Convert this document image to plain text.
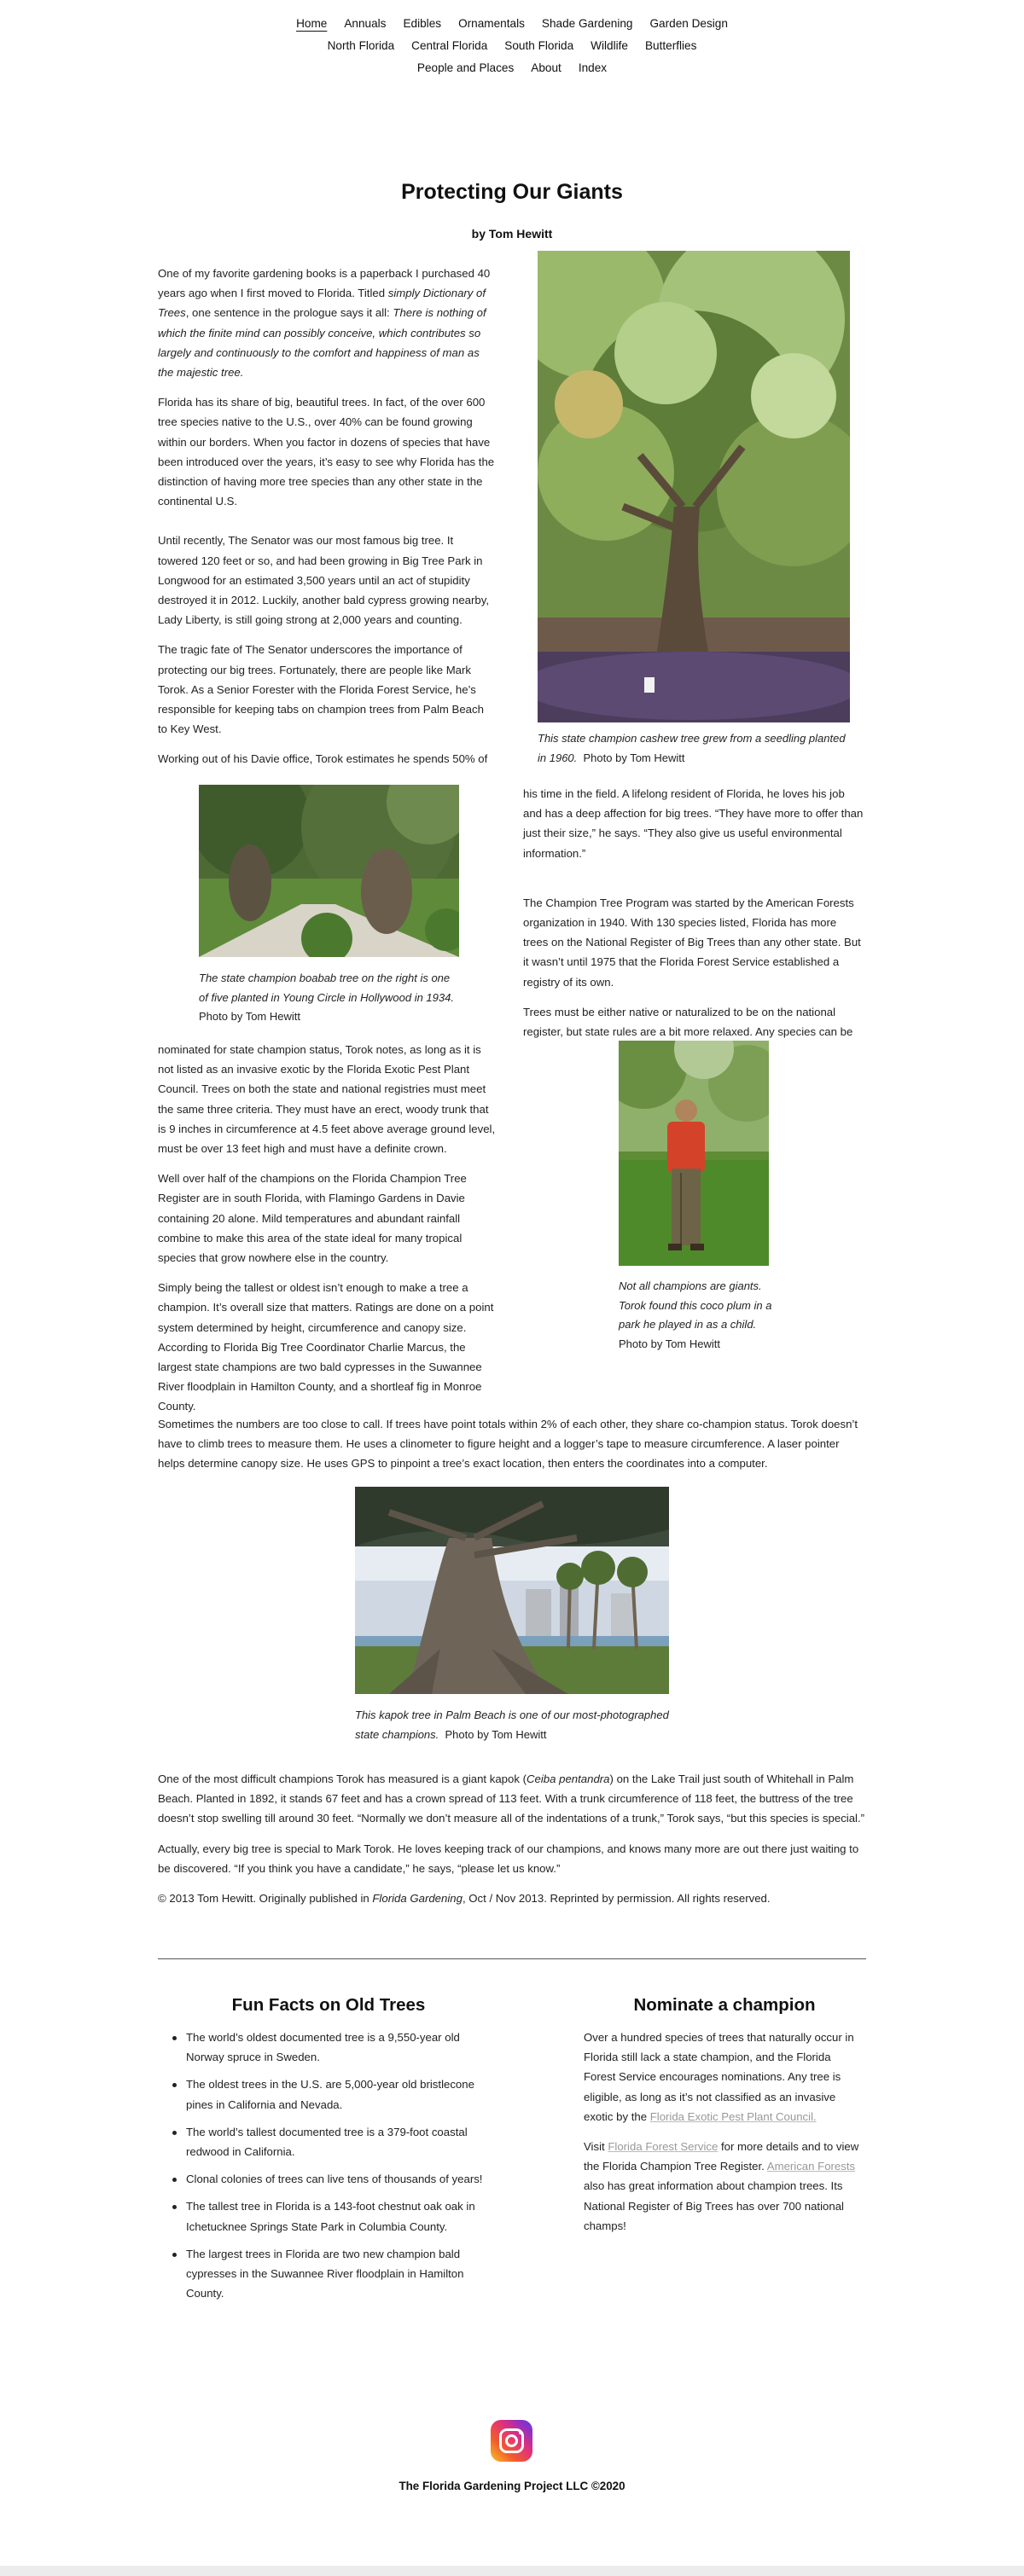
Home	Annuals	Edibles	Ornamentals	Shade Gardening	Garden Design
North Florida	Central Florida	South Florida	Wildlife	Butterflies
People and Places	About	Index
Protecting Our Giants
by Tom Hewitt

One of my favorite gardening books is a paperback I purchased 40 years ago when I first moved to Florida. Titled simply Dictionary of Trees, one sentence in the prologue says it all: There is nothing of which the finite mind can possibly conceive, which contributes so largely and continuously to the comfort and happiness of man as the majestic tree.

Florida has its share of big, beautiful trees. In fact, of the over 600 tree species native to the U.S., over 40% can be found growing within our borders. When you factor in dozens of species that have been introduced over the years, it’s easy to see why Florida has the distinction of having more tree species than any other state in the continental U.S.

Until recently, The Senator was our most famous big tree. It towered 120 feet or so, and had been growing in Big Tree Park in Longwood for an estimated 3,500 years until an act of stupidity destroyed it in 2012. Luckily, another bald cypress growing nearby, Lady Liberty, is still going strong at 2,000 years and counting.

The tragic fate of The Senator underscores the importance of protecting our big trees. Fortunately, there are people like Mark Torok. As a Senior Forester with the Florida Forest Service, he’s responsible for keeping tabs on champion trees from Palm Beach to Key West.

Working out of his Davie office, Torok estimates he spends 50% of

This state champion cashew tree grew from a seedling planted in 1960. Photo by Tom Hewitt
The state champion boabab tree on the right is one of five planted in Young Circle in Hollywood in 1934.
Photo by Tom Hewitt

his time in the field. A lifelong resident of Florida, he loves his job and has a deep affection for big trees. “They have more to offer than just their size,” he says. “They also give us useful environmental information.”

The Champion Tree Program was started by the American Forests organization in 1940. With 130 species listed, Florida has more trees on the National Register of Big Trees than any other state. But it wasn’t until 1975 that the Florida Forest Service established a registry of its own.

Trees must be either native or naturalized to be on the national register, but state rules are a bit more relaxed. Any species can be

Not all champions are giants. Torok found this coco plum in a park he played in as a child.
Photo by Tom Hewitt

nominated for state champion status, Torok notes, as long as it is not listed as an invasive exotic by the Florida Exotic Pest Plant Council. Trees on both the state and national registries must meet the same three criteria. They must have an erect, woody trunk that is 9 inches in circumference at 4.5 feet above average ground level, must be over 13 feet high and must have a definite crown.

Well over half of the champions on the Florida Champion Tree Register are in south Florida, with Flamingo Gardens in Davie containing 20 alone. Mild temperatures and abundant rainfall combine to make this area of the state ideal for many tropical species that grow nowhere else in the country.

Simply being the tallest or oldest isn’t enough to make a tree a champion. It’s overall size that matters. Ratings are done on a point system determined by height, circumference and canopy size. According to Florida Big Tree Coordinator Charlie Marcus, the largest state champions are two bald cypresses in the Suwannee River floodplain in Hamilton County, and a shortleaf fig in Monroe County.

Sometimes the numbers are too close to call. If trees have point totals within 2% of each other, they share co-champion status. Torok doesn’t have to climb trees to measure them. He uses a clinometer to figure height and a logger’s tape to measure circumference. A laser pointer helps determine canopy size. He uses GPS to pinpoint a tree’s exact location, then enters the coordinates into a computer.

This kapok tree in Palm Beach is one of our most-photographed state champions. Photo by Tom Hewitt

One of the most difficult champions Torok has measured is a giant kapok (Ceiba pentandra) on the Lake Trail just south of Whitehall in Palm Beach. Planted in 1892, it stands 67 feet and has a crown spread of 113 feet. With a trunk circumference of 118 feet, the buttress of the tree doesn’t stop swelling till around 30 feet. “Normally we don’t measure all of the indentations of a trunk,” Torok says, “but this species is special.”

Actually, every big tree is special to Mark Torok. He loves keeping track of our champions, and knows many more are out there just waiting to be discovered. “If you think you have a candidate,” he says, “please let us know.”

© 2013 Tom Hewitt. Originally published in Florida Gardening, Oct / Nov 2013. Reprinted by permission. All rights reserved.

Fun Facts on Old Trees
The world’s oldest documented tree is a 9,550-year old Norway spruce in Sweden.
The oldest trees in the U.S. are 5,000-year old bristlecone pines in California and Nevada.
The world’s tallest documented tree is a 379-foot coastal redwood in California.
Clonal colonies of trees can live tens of thousands of years!
The tallest tree in Florida is a 143-foot chestnut oak oak in Ichetucknee Springs State Park in Columbia County.
The largest trees in Florida are two new champion bald cypresses in the Suwannee River floodplain in Hamilton County.
Nominate a champion

Over a hundred species of trees that naturally occur in Florida still lack a state champion, and the Florida Forest Service encourages nominations. Any tree is eligible, as long as it’s not classified as an invasive exotic by the Florida Exotic Pest Plant Council.

Visit Florida Forest Service for more details and to view the Florida Champion Tree Register. American Forests also has great information about champion trees. Its National Register of Big Trees has over 700 national champs!

The Florida Gardening Project LLC ©2020
